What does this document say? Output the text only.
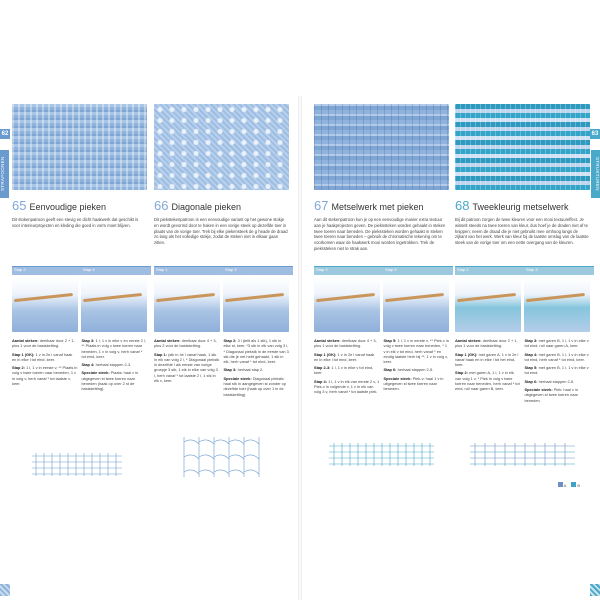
62	63
STRAPOONEN	STRUKTUREN
65 Eenvoudige pieken

Dit stokenpatroon geeft een stevig en dicht haakwerk dat geschikt is voor interieurprojecten en kleding die goed in vorm moet blijven.

66 Diagonale pieken

Dit piekstekenpatroon is een eenvoudige variant op het gewone stokje en wordt gevormd door te haken in een vorige steek op dezelfde toer in plaats van de vorige toer. Trek bij elke piekensteek de g heade de draad zo lang als het volledige stokje, zodat de steken niet in elkaar gaan zitten.

67 Metselwerk met pieken

Aan dit stekenpatroon kun je op een eenvoudige manier extra textuur aan je haakprojecten geven. De piekssteken worden gehaakt in steken twee toeren naar beneden. De piekssteken worden gehaakt in steken twee toeren naar beneden – gebruik de chromatische tekening om te voorkomen waar de haakwerk mooi worden ingetrokken. Trek de piekssteken niet te strak aan.

68 Tweekleurig metselwerk

Bij dit patroon zorgen de twee kleuren voor een mooi textuureffect. Je wisselt steeds na twee toeren van kleur, dus hoef je de draden niet af te knippen; neem de draad die je niet gebruikt mee omhoog langs de zijkant van het werk. Werk van kleur bij de laatste omslag van de laatste steek van de vorige toer om een nette overgang van de kleuren.

Stap 2	Stap 4	Stap 1	Stap 3	Stap 2	Stap 5	Stap 2	Stap 3

Aantal steken: deelbaar door 2 + 1, plus 1 voor de basisketting.

Stap 1 (GK): 1 v in 2e l vanaf haak en in elke l tot eind, keer.

Stap 2: 1 l, 1 v in eerste v, ** Plaats in volg v twee toeren naar beneden, 1 v in volg v, herh vanaf * tot laatste v, keer.

Stap 3: 1 l, 1 v in elke v en eerste 2 l, ** Plaats in volg v twee toeren naar beneden, 1 v in volg v, herh vanaf * tot eind, keer.

Stap 4: herhaal stappen 2-3.

Speciale steek: Plaats: haal v in uitgegeven st twee toeren naar beneden (haak op over 2 st de basisketting).

Aantal steken: deelbaar door 4 + 3, plus 2 voor de basisketting.

Stap 1: (stk in 4e l vanaf haak, 1 stk in elk van volg 2 l, * Diagonaal piekstk in dezelfde l als eerste van vorige groepje 3 stk, 1 stk in elke van volg 3 l, herh vanaf * tot laatste 2 l, 1 stk in elk v, keer.

Stap 2: 3 l (tellt als 1 stk), 1 stk in elke st, keer. *3 stk in elk van volg 3 l, * Diagonaal piekstk in de eerste van 3 stk die je net hebt gehaakt, 1 stk in elk, herh vanaf * tot eind, keer.

Stap 3: herhaal stap 2.

Speciale steek: Diagonaal piekstk: haal stk in aangegeven st zonder op dezelfde toer (haak op over 1 in de basisketting).

Aantal steken: deelbaar door 4 + 3, plus 1 voor de basisketting.

Stap 1 (GK): 1 v in 2e l vanaf haak en in elke l tot eind, keer.

Stap 2-3: 1 l, 1 v in elke v tot eind, keer.

Stap 4: 1 l, 1 v in elk van eerste 2 v, 1 Piek-v in volgende v, 1 v in elk van volg 3 v, herh vanaf * tot laatste piek.

Stap 5: 1 l, 1 v in eerste v, ** Piek-v in volg v twee toeren naar beneden, * 1 v in elk v tot eind, herh vanaf * en eindig laatste herh bij **, 1 v in volg v, keer.

Stap 6: herhaal stappen 2-5.

Speciale steek: Piek-v: haal 1 v in uitgegeven st twee toeren naar beneden.

Aantal steken: deelbaar door 2 + 1, plus 1 voor de basisketting.

Stap 1 (GK): met garen A, 1 v in 2e l vanaf haak en in elke l tot het eind, keer.

Stap 2: met garen A, 1 l, 1 v in elk van volg 1 v, * Piek in volg v twee toeren naar beneden, herh vanaf * tot eind, ruil naar garen B, keer.

Stap 3: met garen B, 1 l, 1 v in elke v tot eind, ruil naar garen A, keer.

Stap 4: met garen B, 1 l, 1 v in elke v tot eind, herh vanaf * tot eind, keer.

Stap 5: met garen B, 1 l, 1 v in elke v tot eind.

Stap 6: herhaal stappen 2-5.

Speciale steek: Piek: haal v in uitgegeven st twee toeren naar beneden.

A	B
